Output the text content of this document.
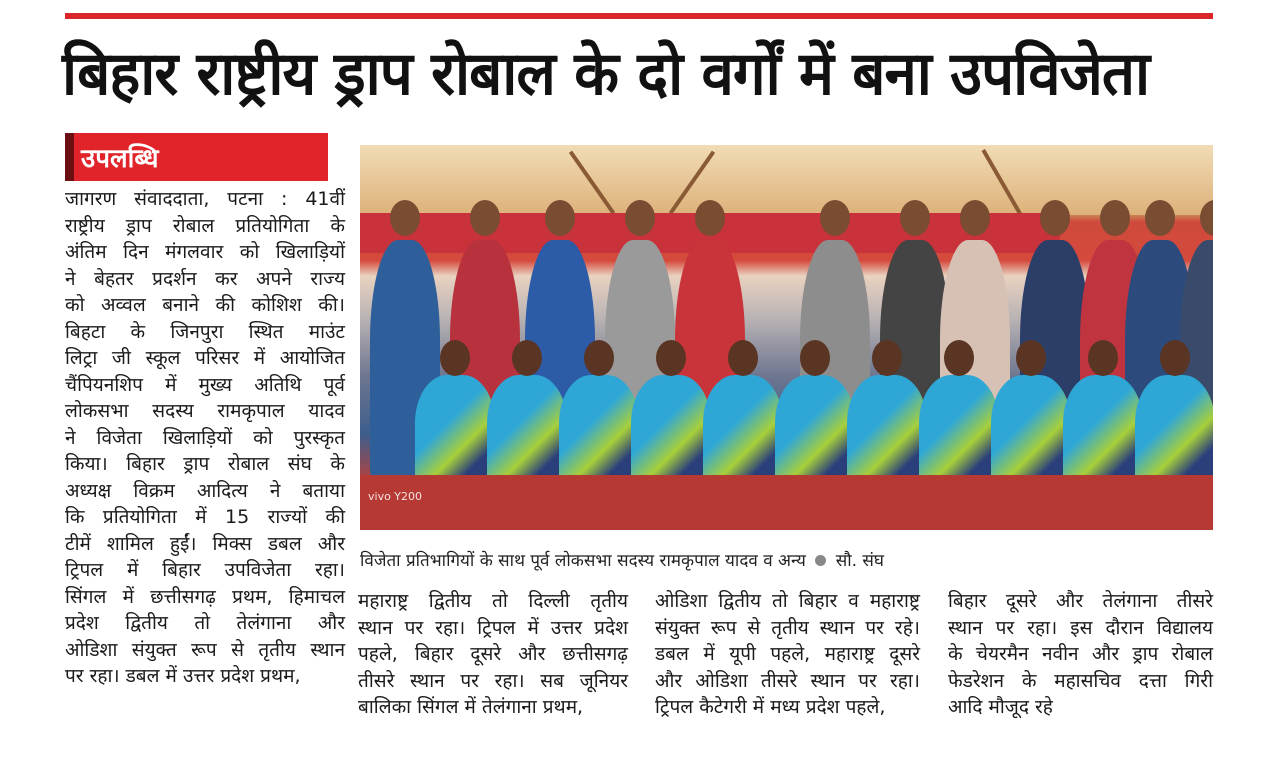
बिहार राष्ट्रीय ड्राप रोबाल के दो वर्गों में बना उपविजेता
उपलब्धि
जागरण संवाददाता, पटना : 41वीं
राष्ट्रीय ड्राप रोबाल प्रतियोगिता के
अंतिम दिन मंगलवार को खिलाड़ियों
ने बेहतर प्रदर्शन कर अपने राज्य
को अव्वल बनाने की कोशिश की।
बिहटा के जिनपुरा स्थित माउंट
लिट्रा जी स्कूल परिसर में आयोजित
चैंपियनशिप में मुख्य अतिथि पूर्व
लोकसभा सदस्य रामकृपाल यादव
ने विजेता खिलाड़ियों को पुरस्कृत
किया। बिहार ड्राप रोबाल संघ के
अध्यक्ष विक्रम आदित्य ने बताया
कि प्रतियोगिता में 15 राज्यों की
टीमें शामिल हुईं। मिक्स डबल और
ट्रिपल में बिहार उपविजेता रहा।
सिंगल में छत्तीसगढ़ प्रथम, हिमाचल
प्रदेश द्वितीय तो तेलंगाना और
ओडिशा संयुक्त रूप से तृतीय स्थान
पर रहा। डबल में उत्तर प्रदेश प्रथम,
vivo Y200
विजेता प्रतिभागियों के साथ पूर्व लोकसभा सदस्य रामकृपाल यादव व अन्य सौ. संघ
महाराष्ट्र द्वितीय तो दिल्ली तृतीय
स्थान पर रहा। ट्रिपल में उत्तर प्रदेश
पहले, बिहार दूसरे और छत्तीसगढ़
तीसरे स्थान पर रहा। सब जूनियर
बालिका सिंगल में तेलंगाना प्रथम,
ओडिशा द्वितीय तो बिहार व महाराष्ट्र
संयुक्त रूप से तृतीय स्थान पर रहे।
डबल में यूपी पहले, महाराष्ट्र दूसरे
और ओडिशा तीसरे स्थान पर रहा।
ट्रिपल कैटेगरी में मध्य प्रदेश पहले,
बिहार दूसरे और तेलंगाना तीसरे
स्थान पर रहा। इस दौरान विद्यालय
के चेयरमैन नवीन और ड्राप रोबाल
फेडरेशन के महासचिव दत्ता गिरी
आदि मौजूद रहे
